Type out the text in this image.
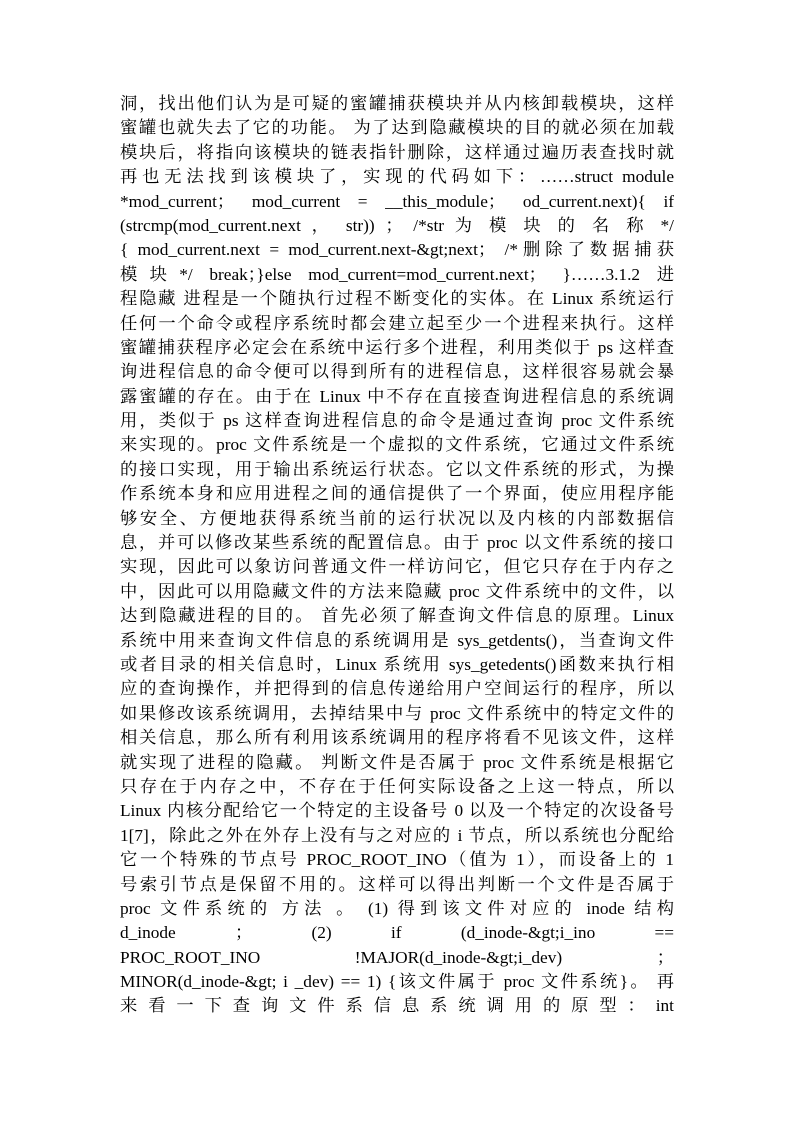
洞，找出他们认为是可疑的蜜罐捕获模块并从内核卸载模块，这样
蜜罐也就失去了它的功能。 为了达到隐藏模块的目的就必须在加载
模块后，将指向该模块的链表指针删除，这样通过遍历表查找时就
再也无法找到该模块了，实现的代码如下：……struct module
*mod_current； mod_current = __this_module； od_current.next){ if
(strcmp(mod_current.next ， str)) ； /*str 为 模 块 的 名 称 */
{ mod_current.next = mod_current.next-&gt;next； /*删除了数据捕获
模块*/ break；}else mod_current=mod_current.next； }……3.1.2 进
程隐藏 进程是一个随执行过程不断变化的实体。在 Linux 系统运行
任何一个命令或程序系统时都会建立起至少一个进程来执行。这样
蜜罐捕获程序必定会在系统中运行多个进程，利用类似于 ps 这样查
询进程信息的命令便可以得到所有的进程信息，这样很容易就会暴
露蜜罐的存在。由于在 Linux 中不存在直接查询进程信息的系统调
用，类似于 ps 这样查询进程信息的命令是通过查询 proc 文件系统
来实现的。proc 文件系统是一个虚拟的文件系统，它通过文件系统
的接口实现，用于输出系统运行状态。它以文件系统的形式，为操
作系统本身和应用进程之间的通信提供了一个界面，使应用程序能
够安全、方便地获得系统当前的运行状况以及内核的内部数据信
息，并可以修改某些系统的配置信息。由于 proc 以文件系统的接口
实现，因此可以象访问普通文件一样访问它，但它只存在于内存之
中，因此可以用隐藏文件的方法来隐藏 proc 文件系统中的文件，以
达到隐藏进程的目的。 首先必须了解查询文件信息的原理。Linux
系统中用来查询文件信息的系统调用是 sys_getdents()，当查询文件
或者目录的相关信息时，Linux 系统用 sys_getedents()函数来执行相
应的查询操作，并把得到的信息传递给用户空间运行的程序，所以
如果修改该系统调用，去掉结果中与 proc 文件系统中的特定文件的
相关信息，那么所有利用该系统调用的程序将看不见该文件，这样
就实现了进程的隐藏。 判断文件是否属于 proc 文件系统是根据它
只存在于内存之中，不存在于任何实际设备之上这一特点，所以
Linux 内核分配给它一个特定的主设备号 0 以及一个特定的次设备号
1[7]，除此之外在外存上没有与之对应的 i 节点，所以系统也分配给
它一个特殊的节点号 PROC_ROOT_INO（值为 1），而设备上的 1
号索引节点是保留不用的。这样可以得出判断一个文件是否属于
proc 文件系统的 方法 。 (1) 得到该文件对应的 inode 结构
d_inode ； (2) if (d_inode-&gt;i_ino ==
PROC_ROOT_INO !MAJOR(d_inode-&gt;i_dev) ；
MINOR(d_inode-&gt; i _dev) == 1) {该文件属于 proc 文件系统}。 再
来 看 一 下 查 询 文 件 系 信 息 系 统 调 用 的 原 型 ： int
